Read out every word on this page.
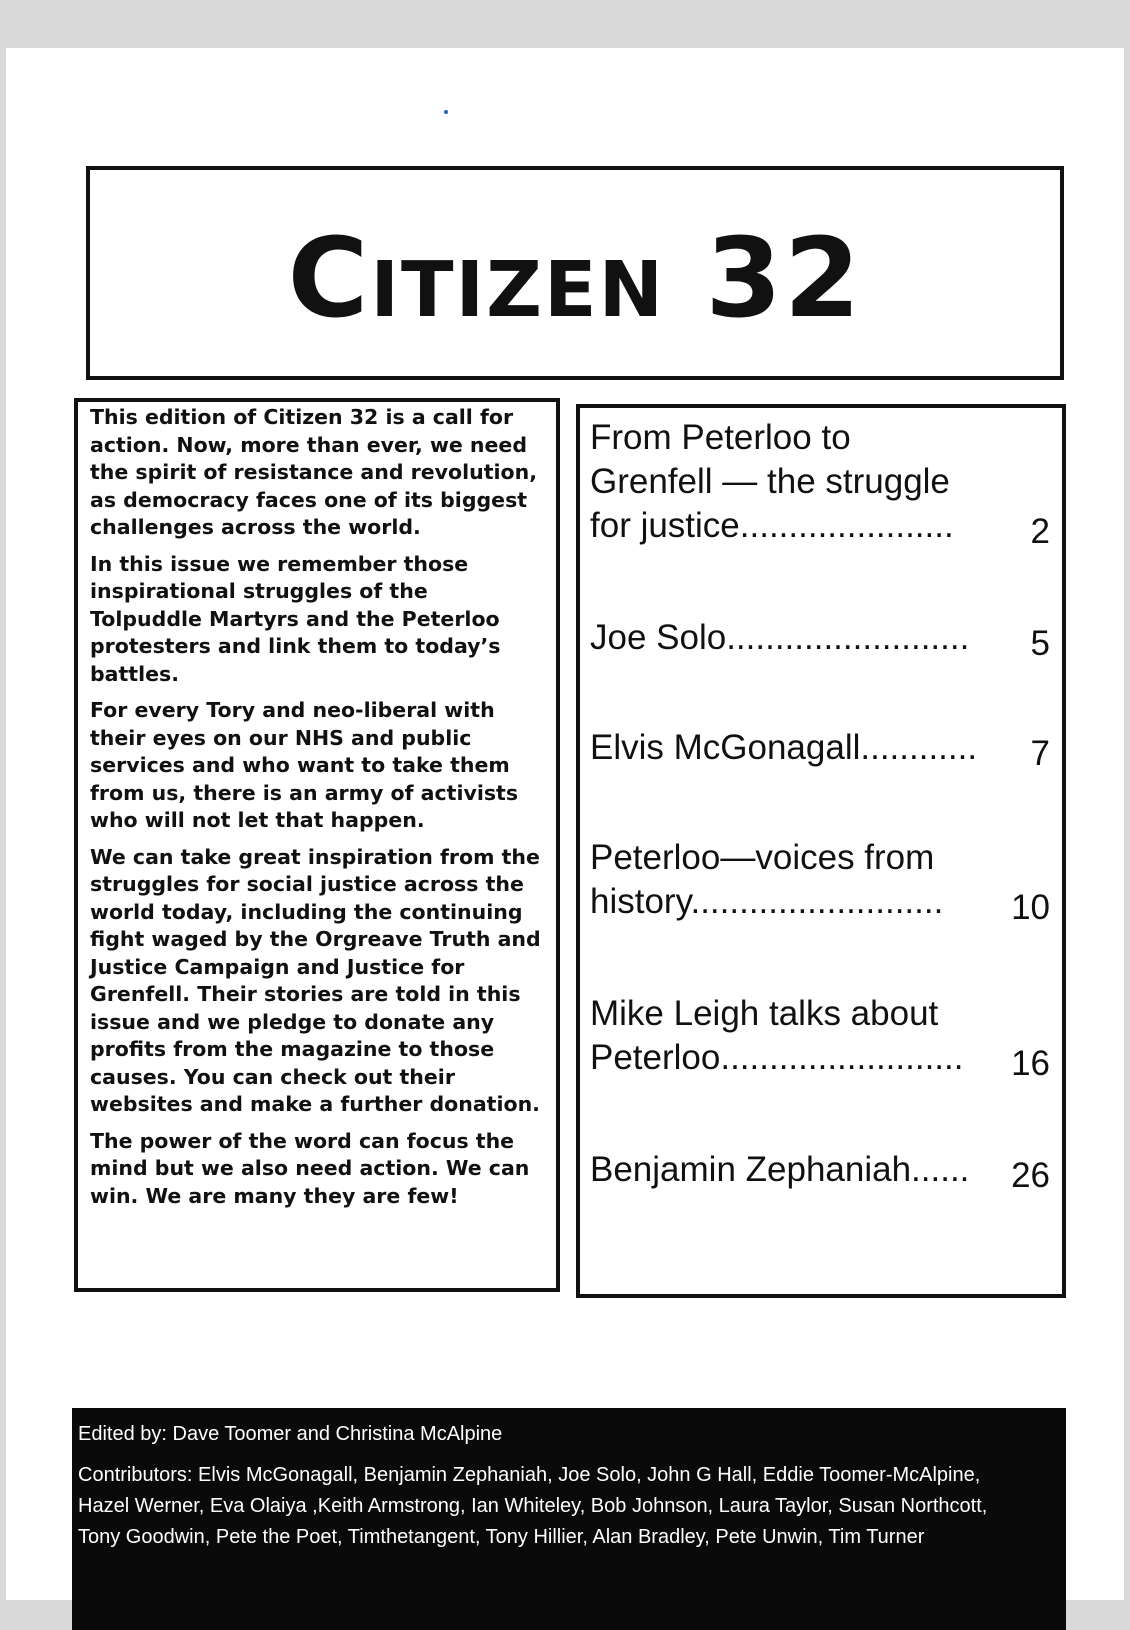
Citizen 32

This edition of Citizen 32 is a call for action. Now, more than ever, we need the spirit of resistance and revolution, as democracy faces one of its biggest challenges across the world.

In this issue we remember those inspirational struggles of the Tolpuddle Martyrs and the Peterloo protesters and link them to today’s battles.

For every Tory and neo-liberal with their eyes on our NHS and public services and who want to take them from us, there is an army of activists who will not let that happen.

We can take great inspiration from the struggles for social justice across the world today, including the continuing fight waged by the Orgreave Truth and Justice Campaign and Justice for Grenfell. Their stories are told in this issue and we pledge to donate any profits from the magazine to those causes. You can check out their websites and make a further donation.

The power of the word can focus the mind but we also need action. We can win. We are many they are few!

From Peterloo to
Grenfell — the struggle
for justice......................	2
Joe Solo.........................	5
Elvis McGonagall............	7
Peterloo—voices from
history..........................	10
Mike Leigh talks about
Peterloo.........................	16
Benjamin Zephaniah......	26
Edited by: Dave Toomer and Christina McAlpine
Contributors: Elvis McGonagall, Benjamin Zephaniah, Joe Solo, John G Hall, Eddie Toomer-McAlpine,
Hazel Werner, Eva Olaiya ,Keith Armstrong, Ian Whiteley, Bob Johnson, Laura Taylor, Susan Northcott,
Tony Goodwin, Pete the Poet, Timthetangent, Tony Hillier, Alan Bradley, Pete Unwin, Tim Turner
